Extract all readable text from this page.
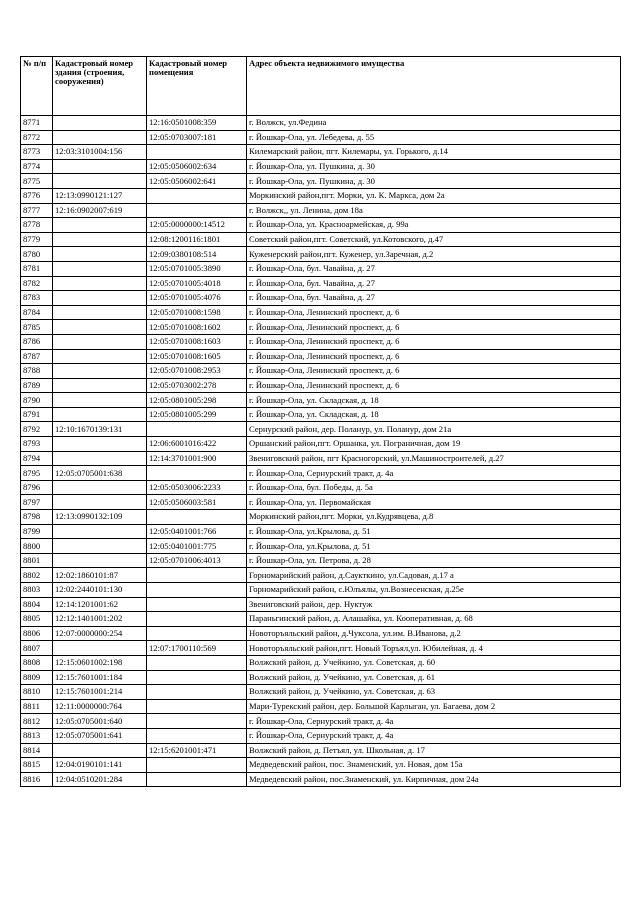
№ п/п	Кадастровый номер здания (строения, сооружения)	Кадастровый номер помещения	Адрес объекта недвижимого имущества
8771		12:16:0501008:359	г. Волжск, ул.Федина
8772		12:05:0703007:181	г. Йошкар-Ола, ул. Лебедева, д. 55
8773	12:03:3101004:156		Килемарский район, пгт. Килемары, ул. Горького, д.14
8774		12:05:0506002:634	г. Йошкар-Ола, ул. Пушкина, д. 30
8775		12:05:0506002:641	г. Йошкар-Ола, ул. Пушкина, д. 30
8776	12:13:0990121:127		Моркинский район,пгт. Морки, ул. К. Маркса, дом 2а
8777	12:16:0902007:619		г. Волжск,, ул. Ленина, дом 18а
8778		12:05:0000000:14512	г. Йошкар-Ола, ул. Красноармейская, д. 99а
8779		12:08:1200116:1801	Советский район,пгт. Советский, ул.Котовского, д.47
8780		12:09:0380108:514	Куженерский район,пгт. Куженер, ул.Заречная, д.2
8781		12:05:0701005:3890	г. Йошкар-Ола, бул. Чавайна, д. 27
8782		12:05:0701005:4018	г. Йошкар-Ола, бул. Чавайна, д. 27
8783		12:05:0701005:4076	г. Йошкар-Ола, бул. Чавайна, д. 27
8784		12:05:0701008:1598	г. Йошкар-Ола, Ленинский проспект, д. 6
8785		12:05:0701008:1602	г. Йошкар-Ола, Ленинский проспект, д. 6
8786		12:05:0701008:1603	г. Йошкар-Ола, Ленинский проспект, д. 6
8787		12:05:0701008:1605	г. Йошкар-Ола, Ленинский проспект, д. 6
8788		12:05:0701008:2953	г. Йошкар-Ола, Ленинский проспект, д. 6
8789		12:05:0703002:278	г. Йошкар-Ола, Ленинский проспект, д. 6
8790		12:05:0801005:298	г. Йошкар-Ола, ул. Складская, д. 18
8791		12:05:0801005:299	г. Йошкар-Ола, ул. Складская, д. 18
8792	12:10:1670139:131		Сернурский район, дер. Поланур, ул. Поланур, дом 21а
8793		12:06:6001016:422	Оршанский район,пгт. Оршанка, ул. Пограничная, дом 19
8794		12:14:3701001:900	Звениговский район, пгт Красногорский, ул.Машиностроителей, д.27
8795	12:05:0705001:638		г. Йошкар-Ола, Сернурский тракт, д. 4а
8796		12:05:0503006:2233	г. Йошкар-Ола, бул. Победы, д. 5а
8797		12:05:0506003:581	г. Йошкар-Ола, ул. Первомайская
8798	12:13:0990132:109		Моркинский район,пгт. Морки, ул.Кудрявцева, д.8
8799		12:05:0401001:766	г. Йошкар-Ола, ул.Крылова, д. 51
8800		12:05:0401001:775	г. Йошкар-Ола, ул.Крылова, д. 51
8801		12:05:0701006:4013	г. Йошкар-Ола, ул. Петрова, д. 28
8802	12:02:1860101:87		Горномарийский район, д.Саукткино, ул.Садовая, д.17 а
8803	12:02:2440101:130		Горномарийский район, с.Юлъялы, ул.Вознесенская, д.25е
8804	12:14:1201001:62		Звениговский район, дер. Нуктуж
8805	12:12:1401001:202		Параньгинский район, д. Алашайка, ул. Кооперативная, д. 68
8806	12:07:0000000:254		Новоторъяльский район, д.Чуксола, ул.им. В.Иванова, д.2
8807		12:07:1700110:569	Новоторъяльский район,пгт. Новый Торъял,ул. Юбилейная, д. 4
8808	12:15:0601002:198		Волжский район, д. Учейкино, ул. Советская, д. 60
8809	12:15:7601001:184		Волжский район, д. Учейкино, ул. Советская, д. 61
8810	12:15:7601001:214		Волжский район, д. Учейкино, ул. Советская, д. 63
8811	12:11:0000000:764		Мари-Турекский район, дер. Большой Карлыган, ул. Багаева, дом 2
8812	12:05:0705001:640		г. Йошкар-Ола, Сернурский тракт, д. 4а
8813	12:05:0705001:641		г. Йошкар-Ола, Сернурский тракт, д. 4а
8814		12:15:6201001:471	Волжский район, д. Петъял, ул. Школьная, д. 17
8815	12:04:0190101:141		Медведевский район, пос. Знаменский, ул. Новая, дом 15а
8816	12:04:0510201:284		Медведевский район, пос.Знаменский, ул. Кирпичная, дом 24а
